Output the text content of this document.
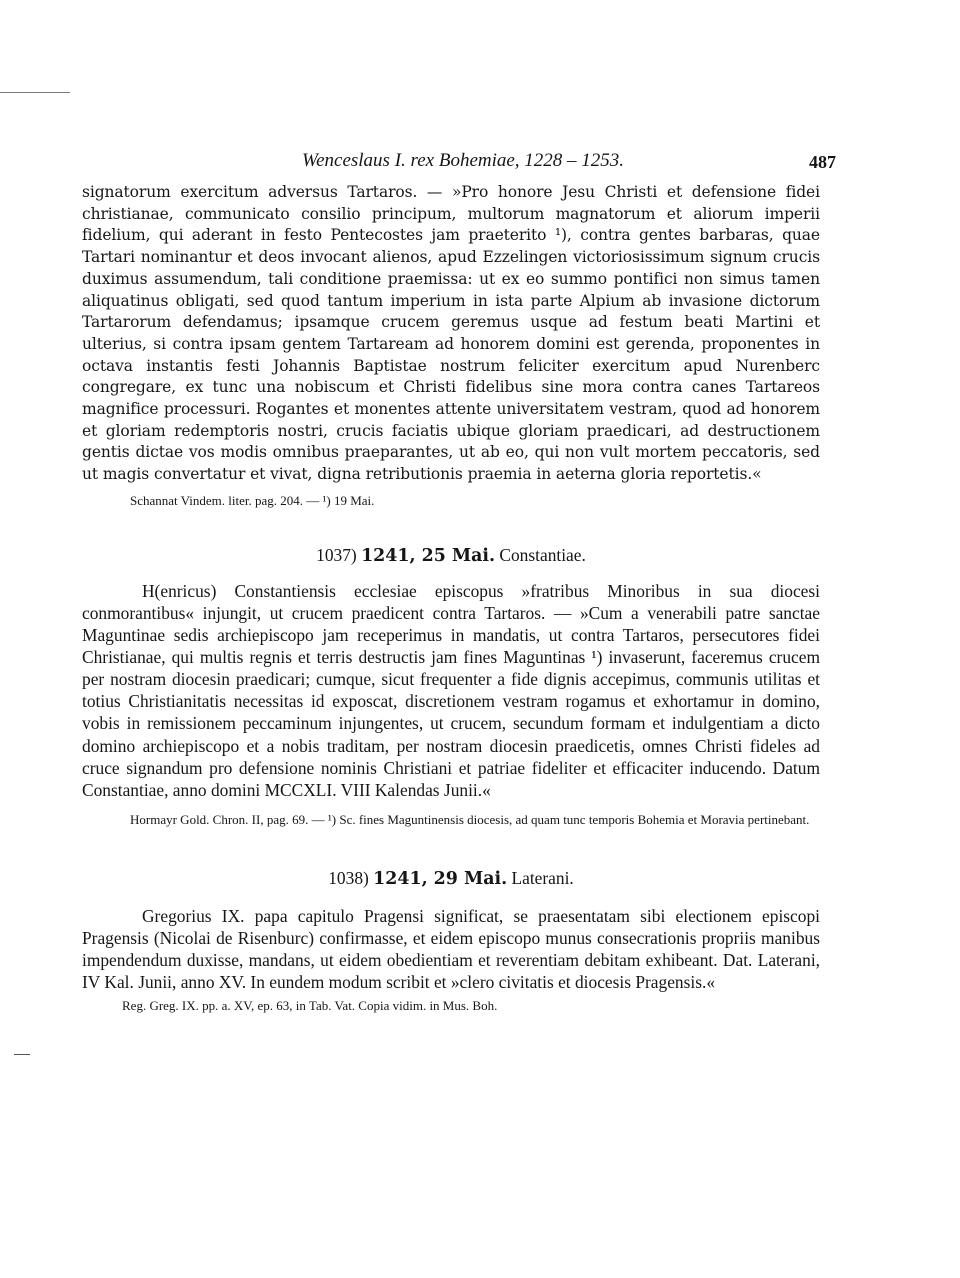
Wenceslaus I. rex Bohemiae, 1228 – 1253.	487

signatorum exercitum adversus Tartaros. — »Pro honore Jesu Christi et defensione fidei christianae, communicato consilio principum, multorum magnatorum et aliorum imperii fidelium, qui aderant in festo Pentecostes jam praeterito ¹), contra gentes barbaras, quae Tartari nominantur et deos invocant alienos, apud Ezzelingen victoriosissimum signum crucis duximus assumendum, tali conditione praemissa: ut ex eo summo pontifici non simus tamen aliquatinus obligati, sed quod tantum imperium in ista parte Alpium ab invasione dictorum Tartarorum defendamus; ipsamque crucem geremus usque ad festum beati Martini et ulterius, si contra ipsam gentem Tartaream ad honorem domini est gerenda, proponentes in octava instantis festi Johannis Baptistae nostrum feliciter exercitum apud Nurenberc congregare, ex tunc una nobiscum et Christi fidelibus sine mora contra canes Tartareos magnifice processuri. Rogantes et monentes attente universitatem vestram, quod ad honorem et gloriam redemptoris nostri, crucis faciatis ubique gloriam praedicari, ad destructionem gentis dictae vos modis omnibus praeparantes, ut ab eo, qui non vult mortem peccatoris, sed ut magis convertatur et vivat, digna retributionis praemia in aeterna gloria reportetis.«

Schannat Vindem. liter. pag. 204. — ¹) 19 Mai.

1037) 1241, 25 Mai. Constantiae.

H(enricus) Constantiensis ecclesiae episcopus »fratribus Minoribus in sua diocesi conmorantibus« injungit, ut crucem praedicent contra Tartaros. — »Cum a venerabili patre sanctae Maguntinae sedis archiepiscopo jam receperimus in mandatis, ut contra Tartaros, persecutores fidei Christianae, qui multis regnis et terris destructis jam fines Maguntinas ¹) invaserunt, faceremus crucem per nostram diocesin praedicari; cumque, sicut frequenter a fide dignis accepimus, communis utilitas et totius Christianitatis necessitas id exposcat, discretionem vestram rogamus et exhortamur in domino, vobis in remissionem peccaminum injungentes, ut crucem, secundum formam et indulgentiam a dicto domino archiepiscopo et a nobis traditam, per nostram diocesin praedicetis, omnes Christi fideles ad cruce signandum pro defensione nominis Christiani et patriae fideliter et efficaciter inducendo. Datum Constantiae, anno domini MCCXLI. VIII Kalendas Junii.«

Hormayr Gold. Chron. II, pag. 69. — ¹) Sc. fines Maguntinensis diocesis, ad quam tunc temporis Bohemia et Moravia pertinebant.

1038) 1241, 29 Mai. Laterani.

Gregorius IX. papa capitulo Pragensi significat, se praesentatam sibi electionem episcopi Pragensis (Nicolai de Risenburc) confirmasse, et eidem episcopo munus consecrationis propriis manibus impendendum duxisse, mandans, ut eidem obedientiam et reverentiam debitam exhibeant. Dat. Laterani, IV Kal. Junii, anno XV. In eundem modum scribit et »clero civitatis et diocesis Pragensis.«

Reg. Greg. IX. pp. a. XV, ep. 63, in Tab. Vat. Copia vidim. in Mus. Boh.
